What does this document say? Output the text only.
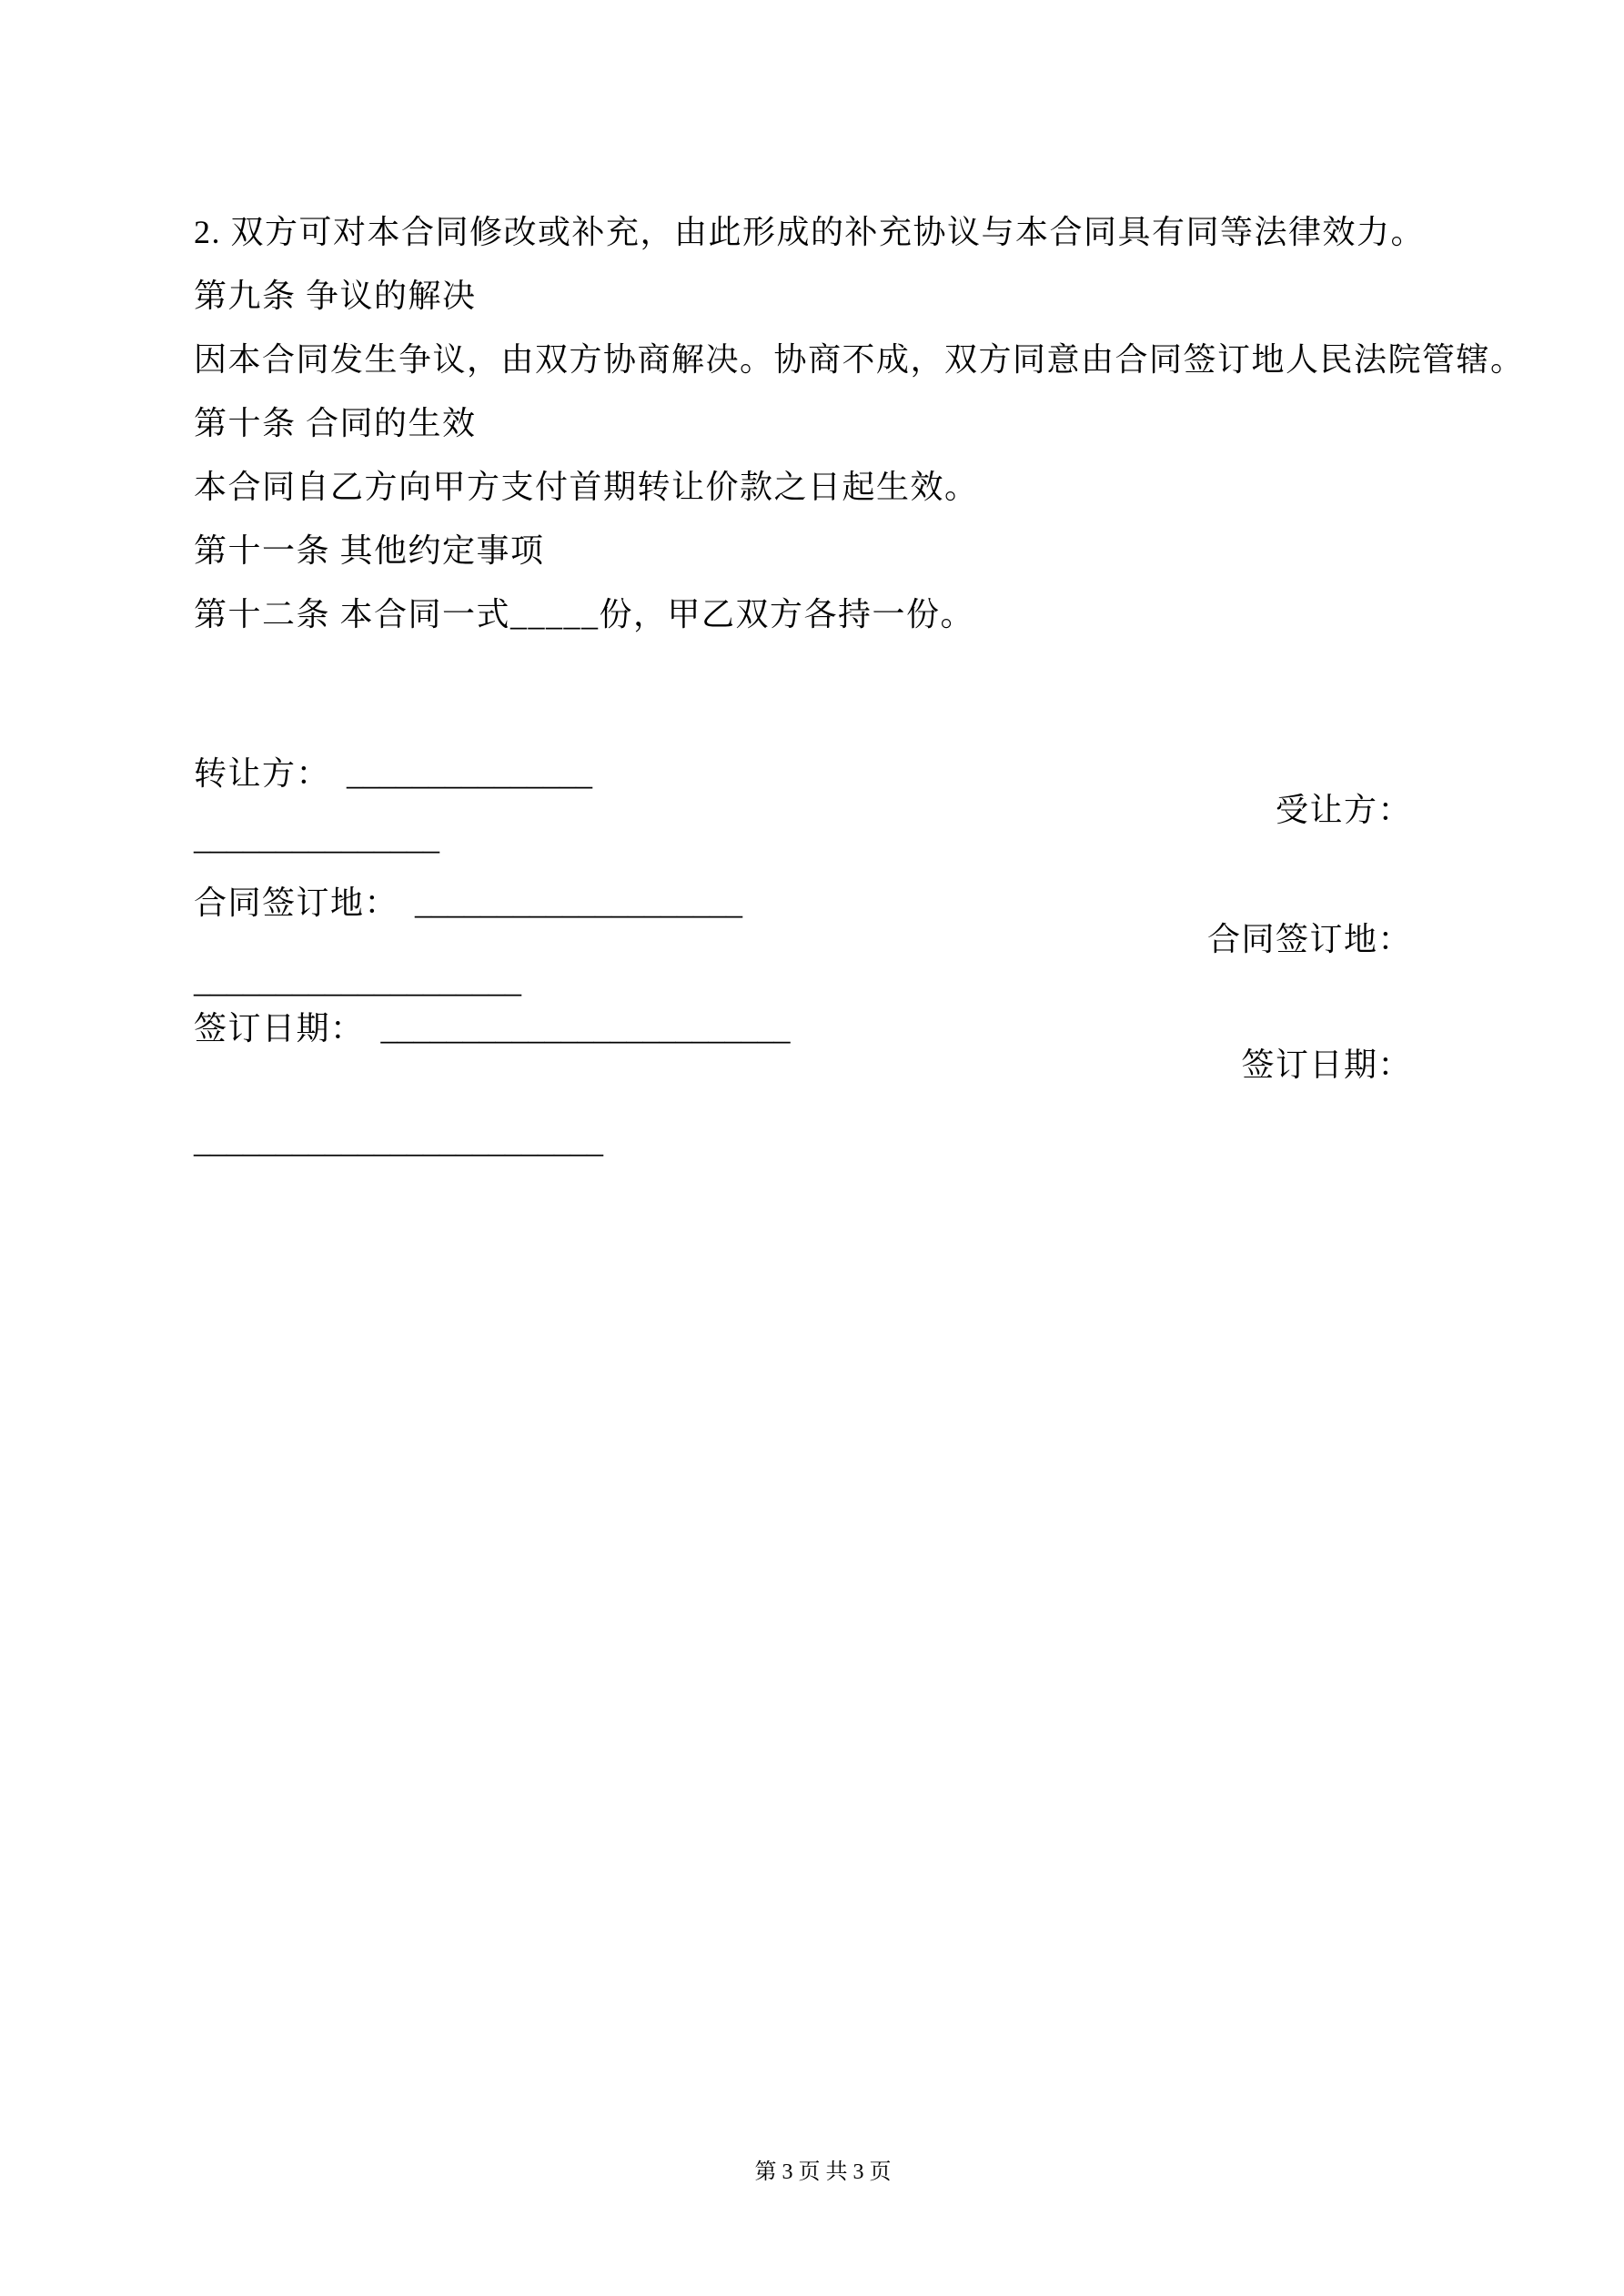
2. 双方可对本合同修改或补充，由此形成的补充协议与本合同具有同等法律效力。

第九条 争议的解决

因本合同发生争议，由双方协商解决。协商不成，双方同意由合同签订地人民法院管辖。

第十条 合同的生效

本合同自乙方向甲方支付首期转让价款之日起生效。

第十一条 其他约定事项

第十二条 本合同一式_____份，甲乙双方各持一份。

转让方： _______________

受让方：

_______________

合同签订地： ____________________

合同签订地：

____________________

签订日期： _________________________

签订日期：

_________________________

第 3 页 共 3 页
